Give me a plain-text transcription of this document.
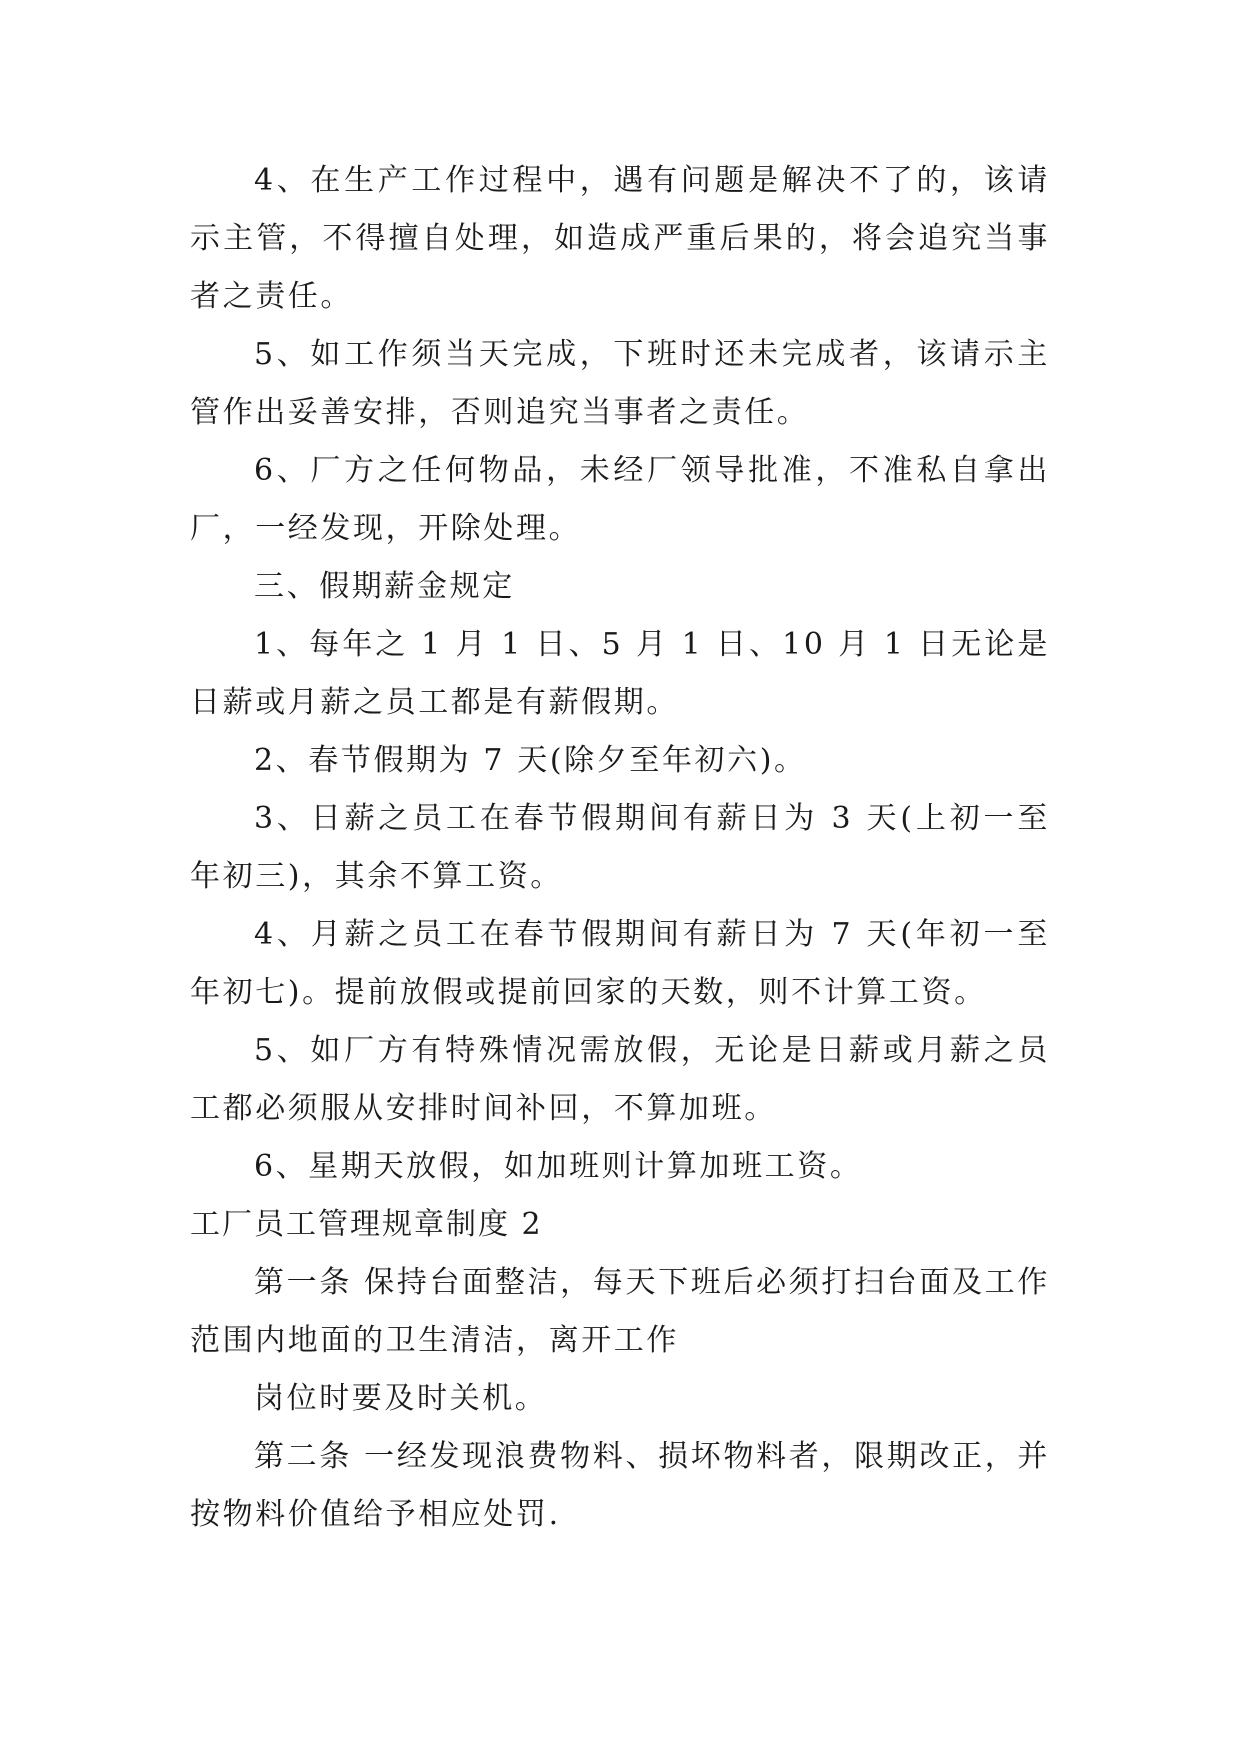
4、在生产工作过程中，遇有问题是解决不了的，该请示主管，不得擅自处理，如造成严重后果的，将会追究当事者之责任。

5、如工作须当天完成，下班时还未完成者，该请示主管作出妥善安排，否则追究当事者之责任。

6、厂方之任何物品，未经厂领导批准，不准私自拿出厂，一经发现，开除处理。

三、假期薪金规定

1、每年之 1 月 1 日、5 月 1 日、10 月 1 日无论是日薪或月薪之员工都是有薪假期。

2、春节假期为 7 天(除夕至年初六)。

3、日薪之员工在春节假期间有薪日为 3 天(上初一至年初三)，其余不算工资。

4、月薪之员工在春节假期间有薪日为 7 天(年初一至年初七)。提前放假或提前回家的天数，则不计算工资。

5、如厂方有特殊情况需放假，无论是日薪或月薪之员工都必须服从安排时间补回，不算加班。

6、星期天放假，如加班则计算加班工资。

工厂员工管理规章制度 2

第一条 保持台面整洁，每天下班后必须打扫台面及工作范围内地面的卫生清洁，离开工作

岗位时要及时关机。

第二条 一经发现浪费物料、损坏物料者，限期改正，并按物料价值给予相应处罚.
